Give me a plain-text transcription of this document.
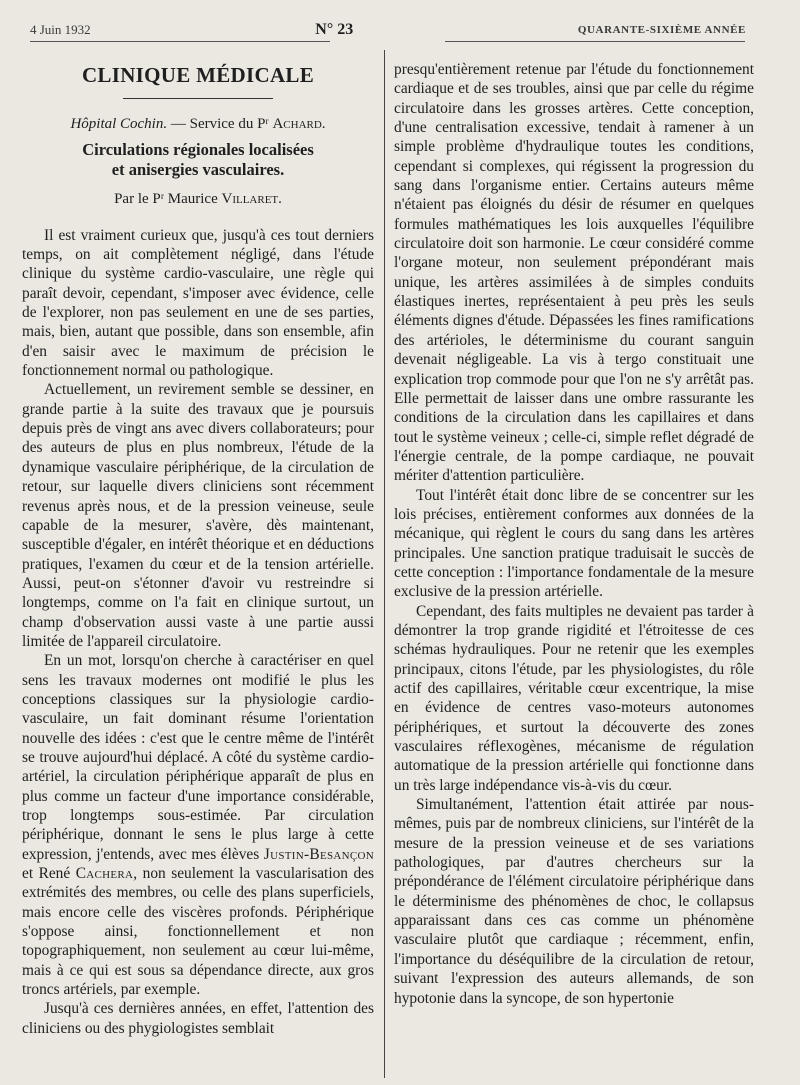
4 Juin 1932	N° 23	QUARANTE-SIXIÈME ANNÉE
CLINIQUE MÉDICALE

Hôpital Cochin. — Service du Pʳ Achard.

Circulations régionales localisées
et anisergies vasculaires.

Par le Pʳ Maurice Villaret.

Il est vraiment curieux que, jusqu'à ces tout derniers temps, on ait complètement négligé, dans l'étude clinique du système cardio-vasculaire, une règle qui paraît devoir, cependant, s'imposer avec évidence, celle de l'explorer, non pas seulement en une de ses parties, mais, bien, autant que possible, dans son ensemble, afin d'en saisir avec le maximum de précision le fonctionnement normal ou pathologique.

Actuellement, un revirement semble se dessiner, en grande partie à la suite des travaux que je poursuis depuis près de vingt ans avec divers collaborateurs; pour des auteurs de plus en plus nombreux, l'étude de la dynamique vasculaire périphérique, de la circulation de retour, sur laquelle divers cliniciens sont récemment revenus après nous, et de la pression veineuse, seule capable de la mesurer, s'avère, dès maintenant, susceptible d'égaler, en intérêt théorique et en déductions pratiques, l'examen du cœur et de la tension artérielle. Aussi, peut-on s'étonner d'avoir vu restreindre si longtemps, comme on l'a fait en clinique surtout, un champ d'observation aussi vaste à une partie aussi limitée de l'appareil circulatoire.

En un mot, lorsqu'on cherche à caractériser en quel sens les travaux modernes ont modifié le plus les conceptions classiques sur la physiologie cardio-vasculaire, un fait dominant résume l'orientation nouvelle des idées : c'est que le centre même de l'intérêt se trouve aujourd'hui déplacé. A côté du système cardio-artériel, la circulation périphérique apparaît de plus en plus comme un facteur d'une importance considérable, trop longtemps sous-estimée. Par circulation périphérique, donnant le sens le plus large à cette expression, j'entends, avec mes élèves Justin-Besançon et René Cachera, non seulement la vascularisation des extrémités des membres, ou celle des plans superficiels, mais encore celle des viscères profonds. Périphérique s'oppose ainsi, fonctionnellement et non topographiquement, non seulement au cœur lui-même, mais à ce qui est sous sa dépendance directe, aux gros troncs artériels, par exemple.

Jusqu'à ces dernières années, en effet, l'attention des cliniciens ou des phygiologistes semblait

presqu'entièrement retenue par l'étude du fonctionnement cardiaque et de ses troubles, ainsi que par celle du régime circulatoire dans les grosses artères. Cette conception, d'une centralisation excessive, tendait à ramener à un simple problème d'hydraulique toutes les conditions, cependant si complexes, qui régissent la progression du sang dans l'organisme entier. Certains auteurs même n'étaient pas éloignés du désir de résumer en quelques formules mathématiques les lois auxquelles l'équilibre circulatoire doit son harmonie. Le cœur considéré comme l'organe moteur, non seulement prépondérant mais unique, les artères assimilées à de simples conduits élastiques inertes, représentaient à peu près les seuls éléments dignes d'étude. Dépassées les fines ramifications des artérioles, le déterminisme du courant sanguin devenait négligeable. La vis à tergo constituait une explication trop commode pour que l'on ne s'y arrêtât pas. Elle permettait de laisser dans une ombre rassurante les conditions de la circulation dans les capillaires et dans tout le système veineux ; celle-ci, simple reflet dégradé de l'énergie centrale, de la pompe cardiaque, ne pouvait mériter d'attention particulière.

Tout l'intérêt était donc libre de se concentrer sur les lois précises, entièrement conformes aux données de la mécanique, qui règlent le cours du sang dans les artères principales. Une sanction pratique traduisait le succès de cette conception : l'importance fondamentale de la mesure exclusive de la pression artérielle.

Cependant, des faits multiples ne devaient pas tarder à démontrer la trop grande rigidité et l'étroitesse de ces schémas hydrauliques. Pour ne retenir que les exemples principaux, citons l'étude, par les physiologistes, du rôle actif des capillaires, véritable cœur excentrique, la mise en évidence de centres vaso-moteurs autonomes périphériques, et surtout la découverte des zones vasculaires réflexogènes, mécanisme de régulation automatique de la pression artérielle qui fonctionne dans un très large indépendance vis-à-vis du cœur.

Simultanément, l'attention était attirée par nous-mêmes, puis par de nombreux cliniciens, sur l'intérêt de la mesure de la pression veineuse et de ses variations pathologiques, par d'autres chercheurs sur la prépondérance de l'élément circulatoire périphérique dans le déterminisme des phénomènes de choc, le collapsus apparaissant dans ces cas comme un phénomène vasculaire plutôt que cardiaque ; récemment, enfin, l'importance du déséquilibre de la circulation de retour, suivant l'expression des auteurs allemands, de son hypotonie dans la syncope, de son hypertonie
